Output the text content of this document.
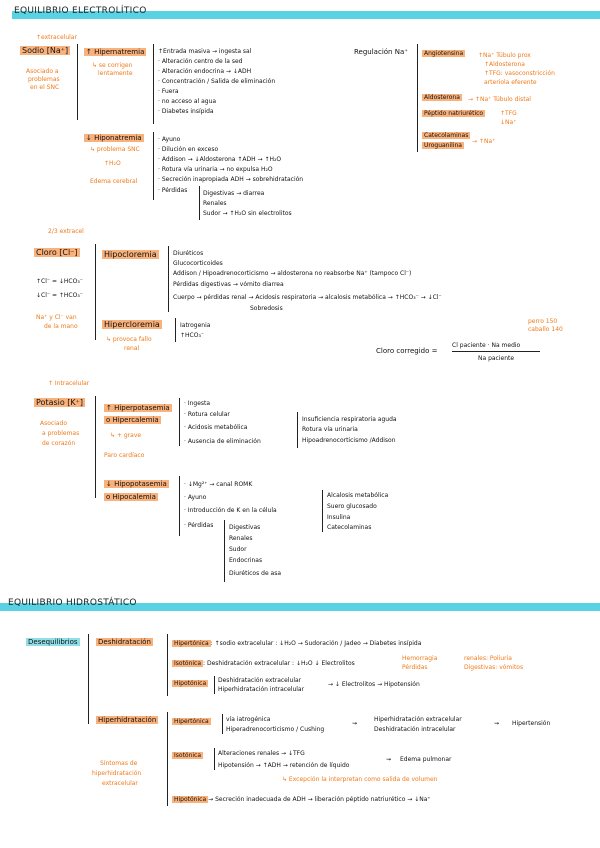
EQUILIBRIO ELECTROLÍTICO
↑extracelular
Sodio [Na⁺]
Asociado a
problemas
en el SNC
↑ Hipernatremia
↳ se corrigen
lentamente
↑Entrada masiva → ingesta sal
· Alteración centro de la sed
· Alteración endocrina → ↓ADH
· Concentración / Salida de eliminación
· Fuera
· no acceso al agua
· Diabetes insípida
↓ Hiponatremia
↳ problema SNC
↑H₂O
Edema cerebral
· Ayuno
· Dilución en exceso
· Addison → ↓Aldosterona ↑ADH → ↑H₂O
· Rotura vía urinaria → no expulsa H₂O
· Secreción inapropiada ADH → sobrehidratación
· Pérdidas	Digestivas → diarrea
Renales
Sudor → ↑H₂O sin electrolitos
Regulación Na⁺	Angiotensina	↑Na⁺ Túbulo prox
↑Aldosterona
↑TFG: vasoconstricción
arteriola eferente
Aldosterona	→ ↑Na⁺ Túbulo distal
Péptido natriurético	↑TFG
↓Na⁺
Catecolaminas
Uroguanilina
→ ↑Na⁺
2/3 extracel
Cloro [Cl⁻]
↑Cl⁻ = ↓HCO₃⁻
↓Cl⁻ = ↑HCO₃⁻
Na⁺ y Cl⁻ van
de la mano
Hipocloremia	Diuréticos
Glucocorticoides
Addison / Hipoadrenocorticismo → aldosterona no reabsorbe Na⁺ (tampoco Cl⁻)
Pérdidas digestivas → vómito diarrea
Cuerpo → pérdidas renal → Acidosis respiratoria → alcalosis metabólica → ↑HCO₃⁻ → ↓Cl⁻
Sobredosis
Hipercloremia
↳ provoca fallo
renal
Iatrogenia
↑HCO₃⁻
perro 150
caballo 140
Cloro corregido =
Cl paciente · Na medio
Na paciente
↑ Intracelular
Potasio [K⁺]
Asociado
a problemas
de corazón
↑ Hiperpotasemia
o Hipercalemia
↳ + grave
Paro cardíaco
· Ingesta
· Rotura celular
· Acidosis metabólica
· Ausencia de eliminación
Insuficiencia respiratoria aguda
Rotura vía urinaria
Hipoadrenocorticismo /Addison
↓ Hipopotasemia
o Hipocalemia
· ↓Mg²⁺ → canal ROMK
· Ayuno
· Introducción de K en la célula
· Pérdidas
Alcalosis metabólica
Suero glucosado
Insulina
Catecolaminas
Digestivas
Renales
Sudor
Endocrinas
Diuréticos de asa
EQUILIBRIO HIDROSTÁTICO
Desequilibrios	Deshidratación	Hipertónica : ↑sodio extracelular : ↓H₂O → Sudoración / Jadeo → Diabetes insípida
Isotónica : Deshidratación extracelular : ↓H₂O ↓ Electrolitos
Hemorragia
Pérdidas
renales: Poliuria
Digestivas: vómitos
Hipotónica	Deshidratación extracelular
Hiperhidratación intracelular
→ ↓ Electrolitos → Hipotensión
Hiperhidratación
Síntomas de
hiperhidratación
extracelular
Hipertónica	vía iatrogénica
Hiperadrenocorticismo / Cushing
⇝
Hiperhidratación extracelular
Deshidratación intracelular
⇝ Hipertensión
Isotónica	Alteraciones renales → ↓TFG
Hipotensión → ↑ADH → retención de líquido
⇝ Edema pulmonar
↳ Excepción la interpretan como salida de volumen
Hipotónica → Secreción inadecuada de ADH → liberación péptido natriurético → ↓Na⁺
